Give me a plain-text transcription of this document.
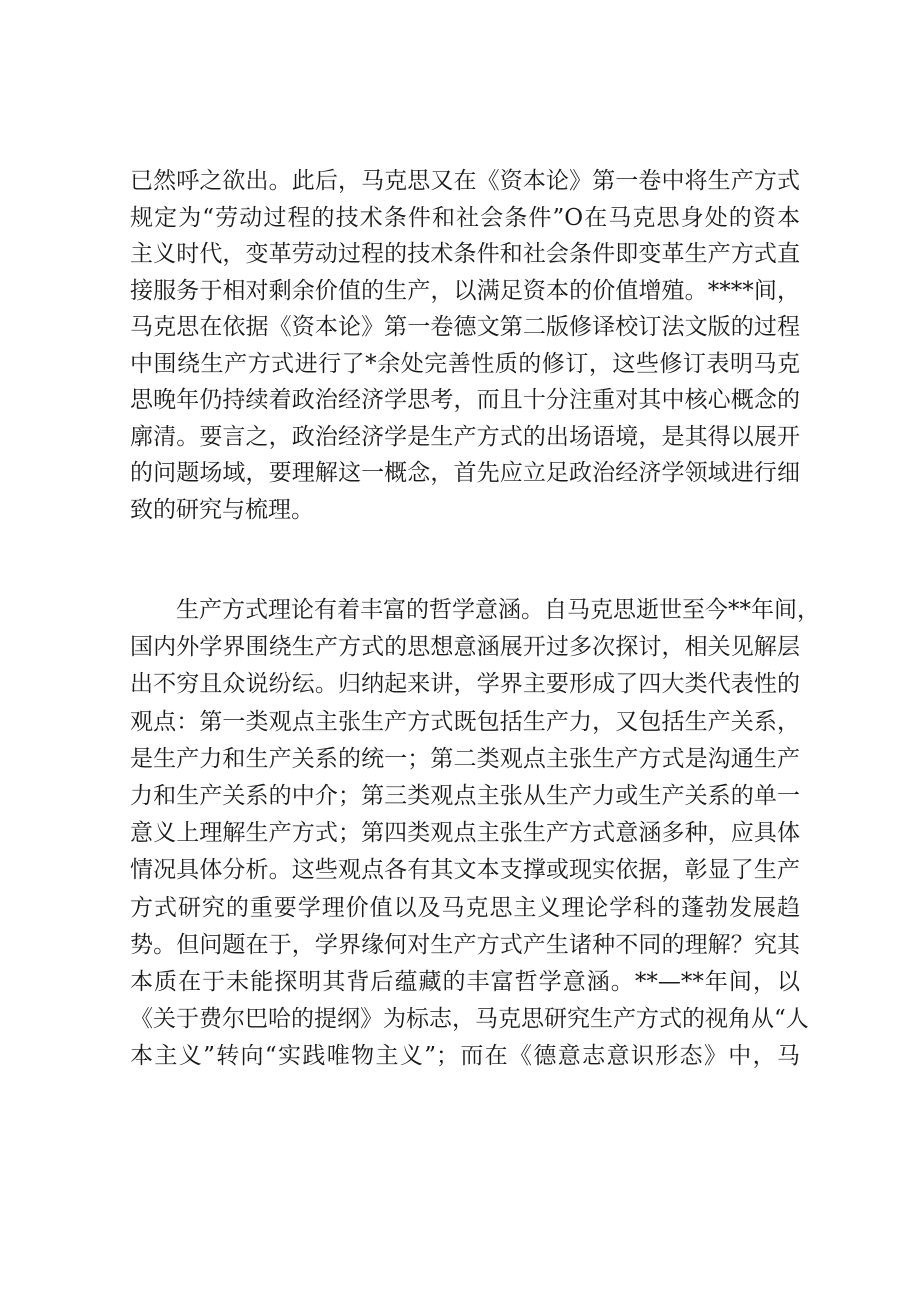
已然呼之欲出。此后，马克思又在《资本论》第一卷中将生产方式
规定为“劳动过程的技术条件和社会条件”O在马克思身处的资本
主义时代，变革劳动过程的技术条件和社会条件即变革生产方式直
接服务于相对剩余价值的生产，以满足资本的价值增殖。****间，
马克思在依据《资本论》第一卷德文第二版修译校订法文版的过程
中围绕生产方式进行了*余处完善性质的修订，这些修订表明马克
思晚年仍持续着政治经济学思考，而且十分注重对其中核心概念的
廓清。要言之，政治经济学是生产方式的出场语境，是其得以展开
的问题场域，要理解这一概念，首先应立足政治经济学领域进行细
致的研究与梳理。
生产方式理论有着丰富的哲学意涵。自马克思逝世至今**年间，
国内外学界围绕生产方式的思想意涵展开过多次探讨，相关见解层
出不穷且众说纷纭。归纳起来讲，学界主要形成了四大类代表性的
观点：第一类观点主张生产方式既包括生产力，又包括生产关系，
是生产力和生产关系的统一；第二类观点主张生产方式是沟通生产
力和生产关系的中介；第三类观点主张从生产力或生产关系的单一
意义上理解生产方式；第四类观点主张生产方式意涵多种，应具体
情况具体分析。这些观点各有其文本支撑或现实依据，彰显了生产
方式研究的重要学理价值以及马克思主义理论学科的蓬勃发展趋
势。但问题在于，学界缘何对生产方式产生诸种不同的理解？究其
本质在于未能探明其背后蕴藏的丰富哲学意涵。**—**年间，以
《关于费尔巴哈的提纲》为标志，马克思研究生产方式的视角从“人
本主义”转向“实践唯物主义”；而在《德意志意识形态》中，马
